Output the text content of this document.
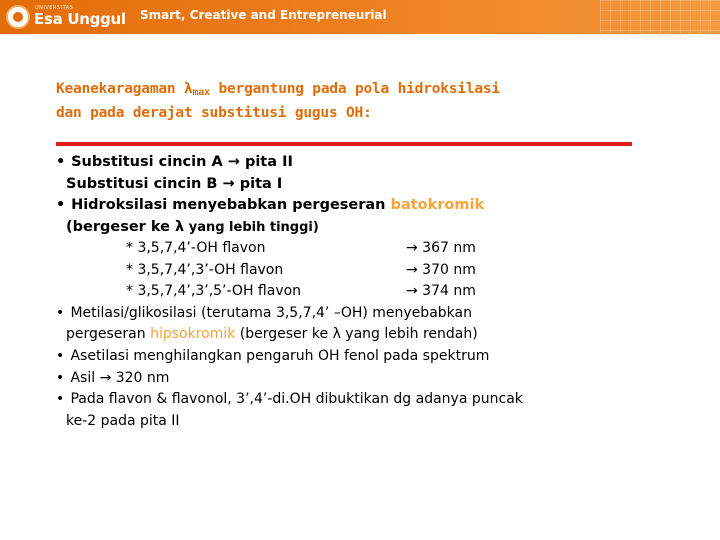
UNIVERSITAS
Esa Unggul Smart, Creative and Entrepreneurial
Keanekaragaman $\lambda_{max}$ bergantung pada pola hidroksilasi
dan pada derajat substitusi gugus OH:
• Substitusi cincin A → pita II
Substitusi cincin B → pita I
• Hidroksilasi menyebabkan pergeseran batokromik
(bergeser ke λ yang lebih tinggi)
* 3,5,7,4’-OH flavon	→ 367 nm
* 3,5,7,4’,3’-OH flavon	→ 370 nm
* 3,5,7,4’,3’,5’-OH flavon	→ 374 nm
• Metilasi/glikosilasi (terutama 3,5,7,4’ –OH) menyebabkan
pergeseran hipsokromik (bergeser ke λ yang lebih rendah)
• Asetilasi menghilangkan pengaruh OH fenol pada spektrum
• Asil → 320 nm
• Pada flavon & flavonol, 3’,4’-di.OH dibuktikan dg adanya puncak
ke-2 pada pita II
